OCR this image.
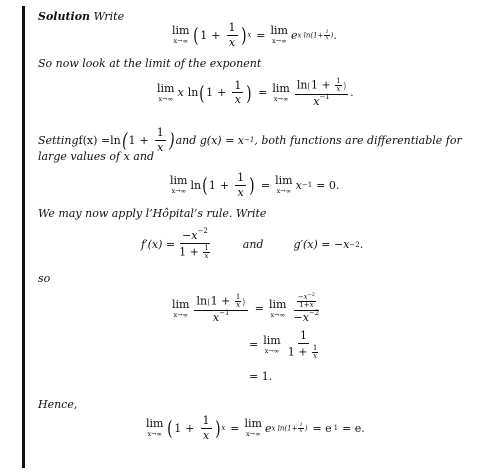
Solution Write
lim
x→∞ ( $1 + \frac{1}{x}$ ) x = lim
x→∞ e x $\ln(1+ \frac{1}{x}$ ) .
So now look at the limit of the exponent
lim
x→∞ x ln ( $1 + \frac{1}{x}$ ) = lim
$x\to\infty \frac{\ln(1 + \frac{1}{x} )}{x^{-1}}$ .
Setting f(x) = ln ( $1 + \frac{1}{x}$ ) and
g(x) = x −1 , both functions are differentiable for
large values of x and
lim
x→∞ ln ( $1 + \frac{1}{x}$ ) = lim
x→∞ x −1 = 0.
We may now apply l’Hôpital’s rule. Write
$f'(x) = \frac{-x^{-2}}{1 + \frac{1}{x}}$	and	g′(x) = −x −2 .
so
lim
$x\to\infty \frac{\ln(1 + \frac{1}{x} )}{x^{-1}} = \lim$
$x\to\infty \frac{\frac{-x^{-2}}{1+x}}{-x^{-2}}$
= lim
$x\to\infty \frac{1}{1 + \frac{1}{x}}$
= 1.
Hence,
lim
x→∞ ( $1 + \frac{1}{x}$ ) x = lim
x→∞ e x $\ln(1+ \frac{1}{x}$ ) = e 1 = e.
